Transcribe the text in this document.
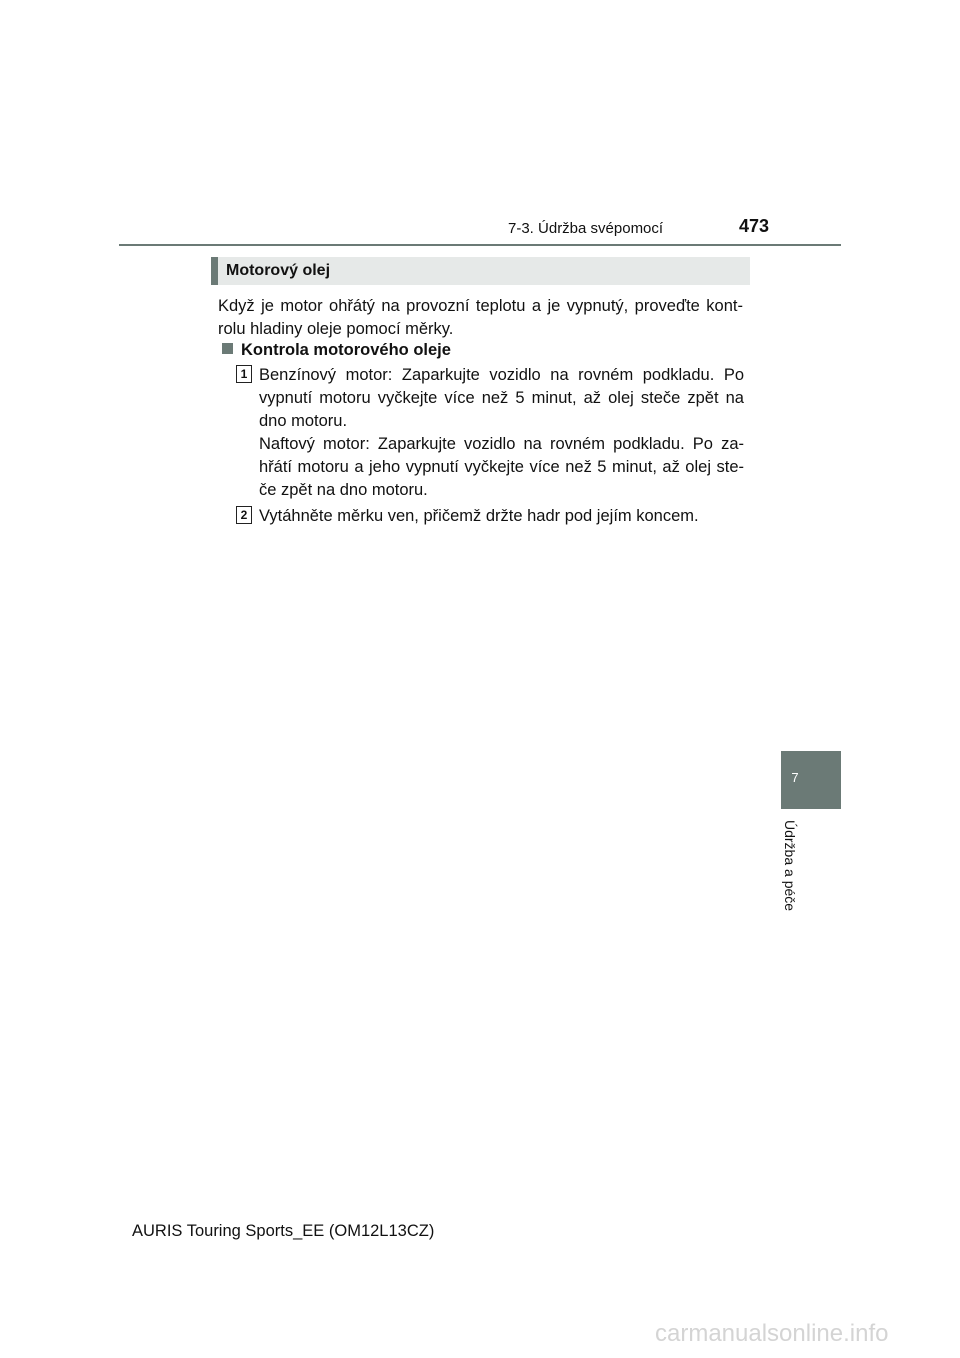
7-3. Údržba svépomocí	473
7
Údržba a péče
Motorový olej
Když je motor ohřátý na provozní teplotu a je vypnutý, proveďte kont-rolu hladiny oleje pomocí měrky.
Kontrola motorového oleje
1 Benzínový motor: Zaparkujte vozidlo na rovném podkladu. Po vypnutí motoru vyčkejte více než 5 minut, až olej steče zpět na dno motoru.
Naftový motor: Zaparkujte vozidlo na rovném podkladu. Po za-hřátí motoru a jeho vypnutí vyčkejte více než 5 minut, až olej ste-če zpět na dno motoru.
2 Vytáhněte měrku ven, přičemž držte hadr pod jejím koncem.
AURIS Touring Sports_EE (OM12L13CZ)
carmanualsonline.info
